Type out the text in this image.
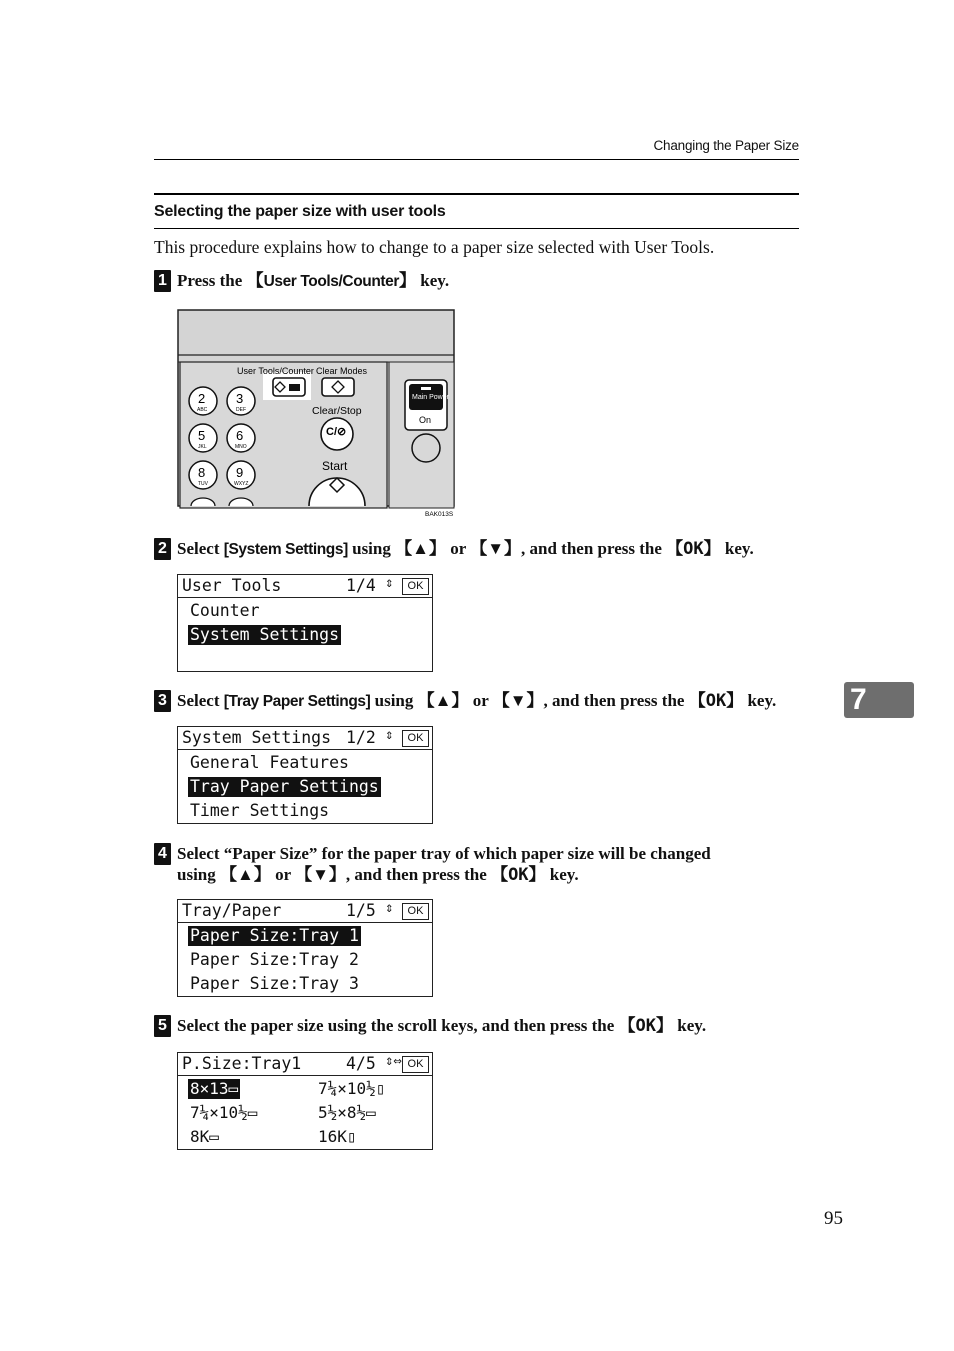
Changing the Paper Size
Selecting the paper size with user tools
This procedure explains how to change to a paper size selected with User Tools.
1 Press the 【User Tools/Counter】 key.
User Tools/Counter Clear Modes
Clear/Stop
C/⊘
Start
2
ABC
3
DEF
5
JKL
6
MNO
8
TUV
9
WXYZ
Main Power
On
BAK013S
2 Select [System Settings] using 【▲】 or 【▼】, and then press the 【OK】 key.
User Tools	1/4 ⇕	OK
Counter
System Settings
3 Select [Tray Paper Settings] using 【▲】 or 【▼】, and then press the 【OK】 key.
System Settings 1/2 ⇕	OK
General Features
Tray Paper Settings
Timer Settings
4 Select “Paper Size” for the paper tray of which paper size will be changed
using 【▲】 or 【▼】, and then press the 【OK】 key.
Tray/Paper	1/5 ⇕	OK
Paper Size:Tray 1
Paper Size:Tray 2
Paper Size:Tray 3
5 Select the paper size using the scroll keys, and then press the 【OK】 key.
P.Size:Tray1	4/5 ⇕⇔ OK
8×13▭	7¼×10½▯
7¼×10½▭	5½×8½▭
8K▭	16K▯
7
95
